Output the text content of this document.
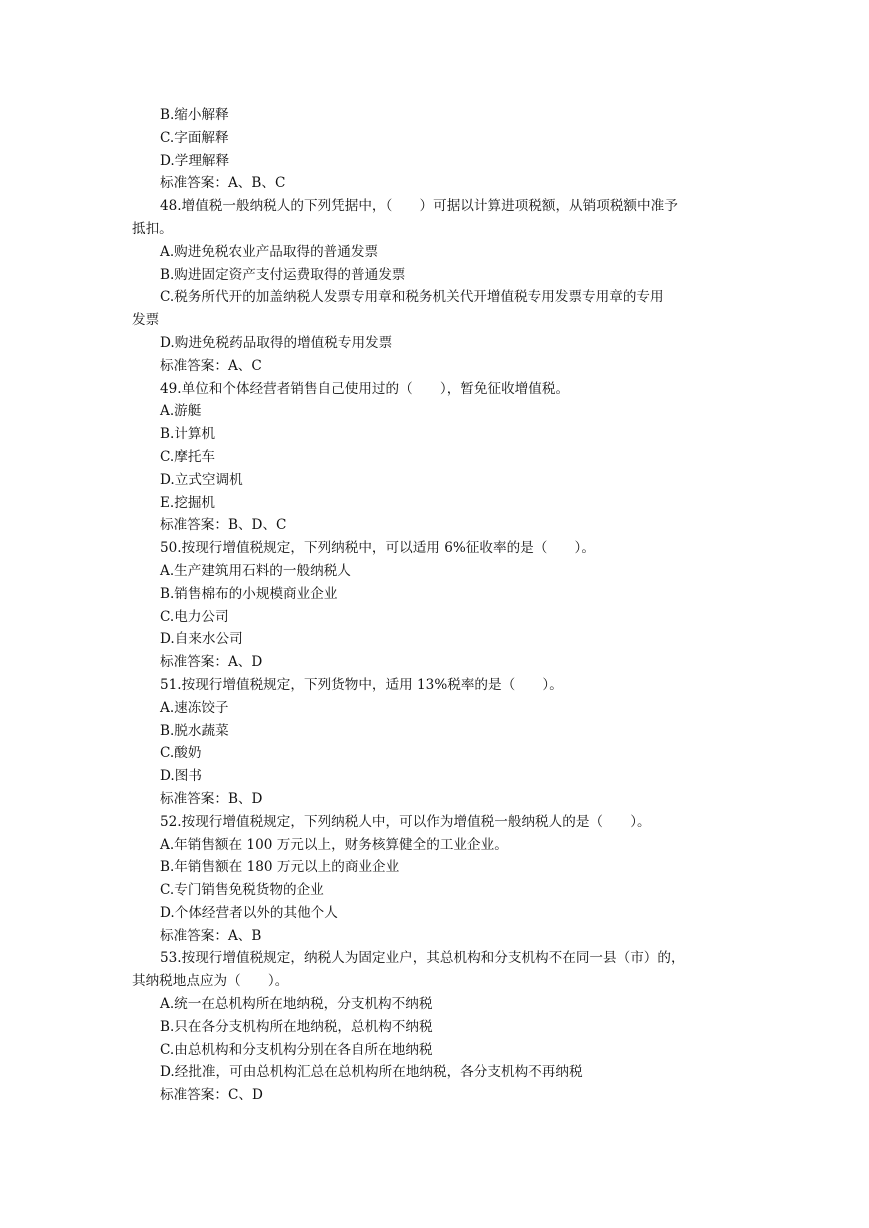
B.缩小解释
C.字面解释
D.学理解释
标准答案：A、B、C
48.增值税一般纳税人的下列凭据中，（　　）可据以计算进项税额，从销项税额中准予
抵扣。
A.购进免税农业产品取得的普通发票
B.购进固定资产支付运费取得的普通发票
C.税务所代开的加盖纳税人发票专用章和税务机关代开增值税专用发票专用章的专用
发票
D.购进免税药品取得的增值税专用发票
标准答案：A、C
49.单位和个体经营者销售自己使用过的（　　），暂免征收增值税。
A.游艇
B.计算机
C.摩托车
D.立式空调机
E.挖掘机
标准答案：B、D、C
50.按现行增值税规定，下列纳税中，可以适用 6%征收率的是（　　）。
A.生产建筑用石料的一般纳税人
B.销售棉布的小规模商业企业
C.电力公司
D.自来水公司
标准答案：A、D
51.按现行增值税规定，下列货物中，适用 13%税率的是（　　）。
A.速冻饺子
B.脱水蔬菜
C.酸奶
D.图书
标准答案：B、D
52.按现行增值税规定，下列纳税人中，可以作为增值税一般纳税人的是（　　）。
A.年销售额在 100 万元以上，财务核算健全的工业企业。
B.年销售额在 180 万元以上的商业企业
C.专门销售免税货物的企业
D.个体经营者以外的其他个人
标准答案：A、B
53.按现行增值税规定，纳税人为固定业户，其总机构和分支机构不在同一县（市）的，
其纳税地点应为（　　）。
A.统一在总机构所在地纳税，分支机构不纳税
B.只在各分支机构所在地纳税，总机构不纳税
C.由总机构和分支机构分别在各自所在地纳税
D.经批准，可由总机构汇总在总机构所在地纳税，各分支机构不再纳税
标准答案：C、D
